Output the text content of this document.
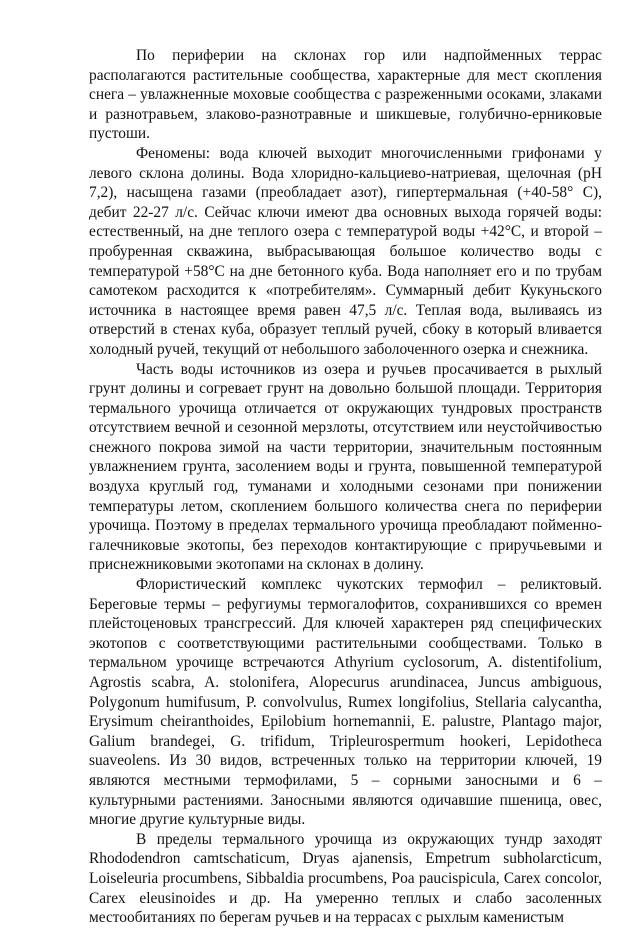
По периферии на склонах гор или надпойменных террас располагаются растительные сообщества, характерные для мест скопления снега – увлажненные моховые сообщества с разреженными осоками, злаками и разнотравьем, злаково-разнотравные и шикшевые, голубично-ерниковые пустоши.

Феномены: вода ключей выходит многочисленными грифонами у левого склона долины. Вода хлоридно-кальциево-натриевая, щелочная (pH 7,2), насыщена газами (преобладает азот), гипертермальная (+40-58° С), дебит 22-27 л/с. Сейчас ключи имеют два основных выхода горячей воды: естественный, на дне теплого озера с температурой воды +42°С, и второй – пробуренная скважина, выбрасывающая большое количество воды с температурой +58°С на дне бетонного куба. Вода наполняет его и по трубам самотеком расходится к «потребителям». Суммарный дебит Кукуньского источника в настоящее время равен 47,5 л/с. Теплая вода, выливаясь из отверстий в стенах куба, образует теплый ручей, сбоку в который вливается холодный ручей, текущий от небольшого заболоченного озерка и снежника.

Часть воды источников из озера и ручьев просачивается в рыхлый грунт долины и согревает грунт на довольно большой площади. Территория термального урочища отличается от окружающих тундровых пространств отсутствием вечной и сезонной мерзлоты, отсутствием или неустойчивостью снежного покрова зимой на части территории, значительным постоянным увлажнением грунта, засолением воды и грунта, повышенной температурой воздуха круглый год, туманами и холодными сезонами при понижении температуры летом, скоплением большого количества снега по периферии урочища. Поэтому в пределах термального урочища преобладают пойменно-галечниковые экотопы, без переходов контактирующие с приручьевыми и приснежниковыми экотопами на склонах в долину.

Флористический комплекс чукотских термофил – реликтовый. Береговые термы – рефугиумы термогалофитов, сохранившихся со времен плейстоценовых трансгрессий. Для ключей характерен ряд специфических экотопов с соответствующими растительными сообществами. Только в термальном урочище встречаются Athyrium cyclosorum, A. distentifolium, Agrostis scabra, A. stolonifera, Alopecurus arundinacea, Juncus ambiguous, Polygonum humifusum, P. convolvulus, Rumex longifolius, Stellaria calycantha, Erysimum cheiranthoides, Epilobium hornemannii, E. palustre, Plantago major, Galium brandegei, G. trifidum, Tripleurospermum hookeri, Lepidotheca suaveolens. Из 30 видов, встреченных только на территории ключей, 19 являются местными термофилами, 5 – сорными заносными и 6 – культурными растениями. Заносными являются одичавшие пшеница, овес, многие другие культурные виды.

В пределы термального урочища из окружающих тундр заходят Rhododendron camtschaticum, Dryas ajanensis, Empetrum subholarcticum, Loiseleuria procumbens, Sibbaldia procumbens, Poa paucispicula, Carex concolor, Carex eleusinoides и др. На умеренно теплых и слабо засоленных местообитаниях по берегам ручьев и на террасах с рыхлым каменистым
